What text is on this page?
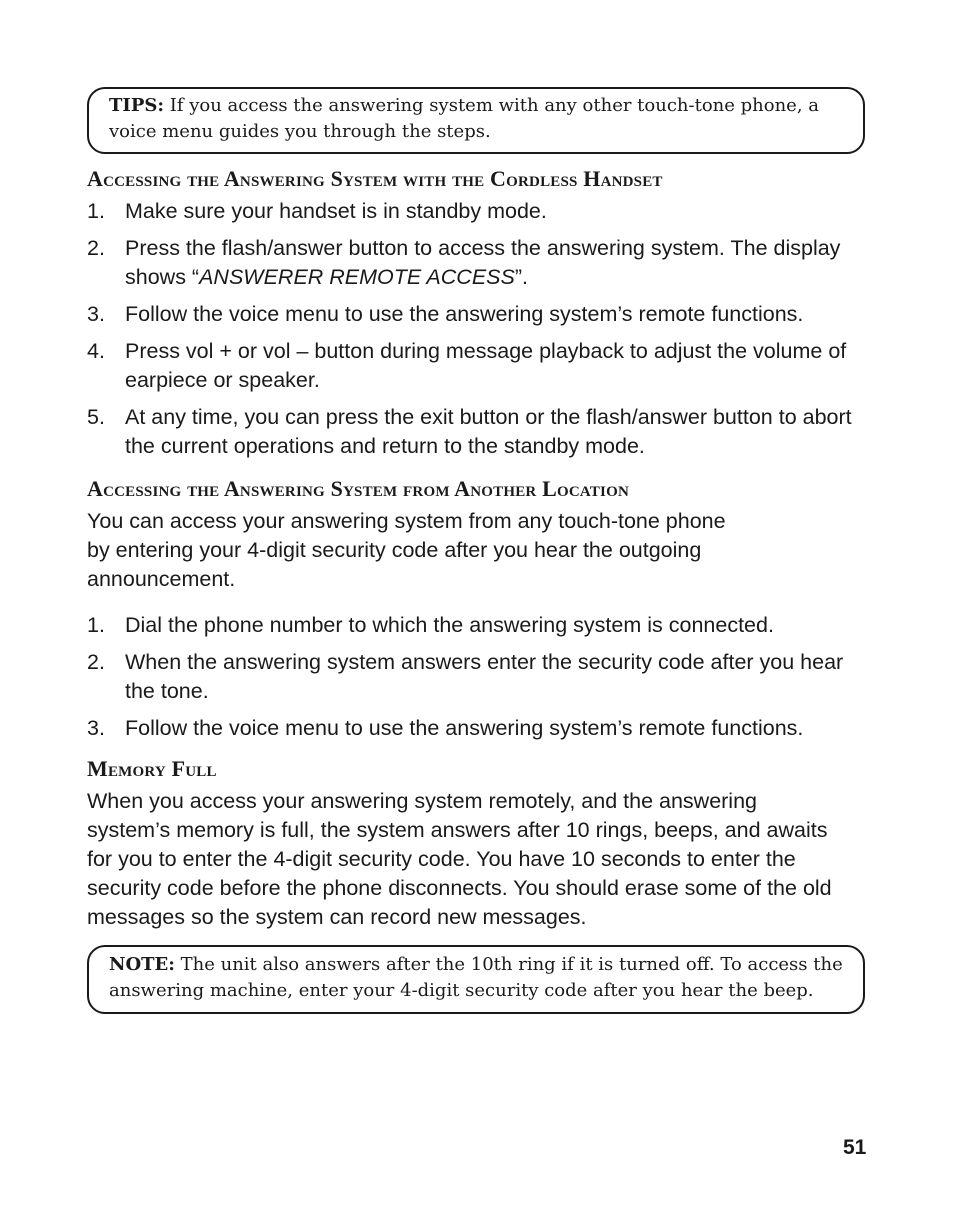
TIPS: If you access the answering system with any other touch-tone phone, a voice menu guides you through the steps.
Accessing the Answering System with the Cordless Handset
1. Make sure your handset is in standby mode.
2. Press the flash/answer button to access the answering system. The display shows “ANSWERER REMOTE ACCESS”.
3. Follow the voice menu to use the answering system’s remote functions.
4. Press vol + or vol – button during message playback to adjust the volume of earpiece or speaker.
5. At any time, you can press the exit button or the flash/answer button to abort the current operations and return to the standby mode.
Accessing the Answering System from Another Location

You can access your answering system from any touch-tone phone by entering your 4-digit security code after you hear the outgoing announcement.

1. Dial the phone number to which the answering system is connected.
2. When the answering system answers enter the security code after you hear the tone.
3. Follow the voice menu to use the answering system’s remote functions.
Memory Full

When you access your answering system remotely, and the answering system’s memory is full, the system answers after 10 rings, beeps, and awaits for you to enter the 4-digit security code. You have 10 seconds to enter the security code before the phone disconnects. You should erase some of the old messages so the system can record new messages.

NOTE: The unit also answers after the 10th ring if it is turned off. To access the answering machine, enter your 4-digit security code after you hear the beep.
51
